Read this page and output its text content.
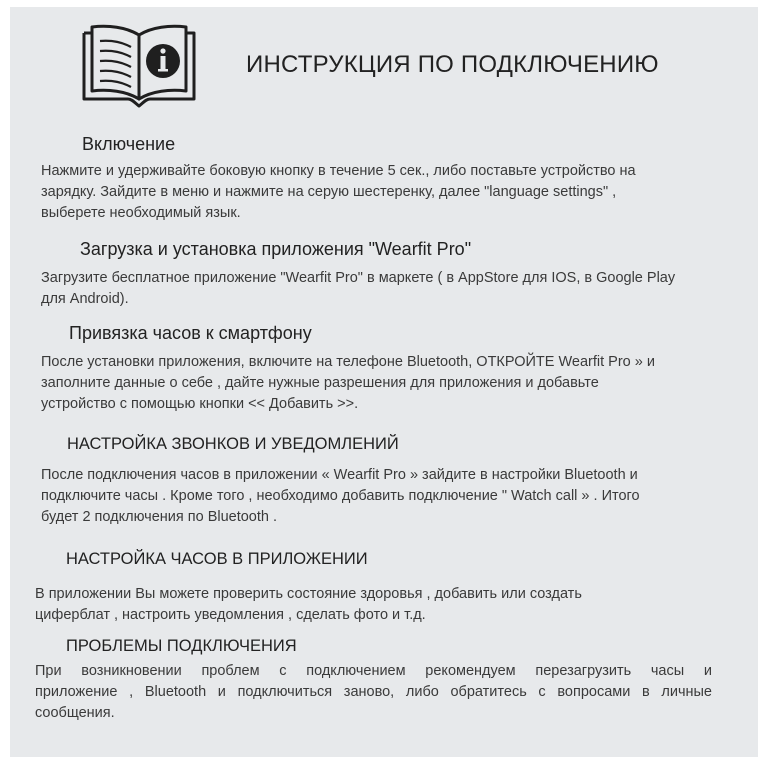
ИНСТРУКЦИЯ ПО ПОДКЛЮЧЕНИЮ
Включение
Нажмите и удерживайте боковую кнопку в течение 5 сек., либо поставьте устройство на
зарядку. Зайдите в меню и нажмите на серую шестеренку, далее "language settings" ,
выберете необходимый язык.
Загрузка и установка приложения "Wearfit Pro"
Загрузите бесплатное приложение "Wearfit Pro" в маркете ( в AppStore для IOS, в Google Play
для Android).
Привязка часов к смартфону
После установки приложения, включите на телефоне Bluetooth, ОТКРОЙТЕ Wearfit Pro » и
заполните данные о себе , дайте нужные разрешения для приложения и добавьте
устройство с помощью кнопки << Добавить >>.
НАСТРОЙКА ЗВОНКОВ И УВЕДОМЛЕНИЙ
После подключения часов в приложении « Wearfit Pro » зайдите в настройки Bluetooth и
подключите часы . Кроме того , необходимо добавить подключение " Watch call » . Итого
будет 2 подключения по Bluetooth .
НАСТРОЙКА ЧАСОВ В ПРИЛОЖЕНИИ
В приложении Вы можете проверить состояние здоровья , добавить или создать
циферблат , настроить уведомления , сделать фото и т.д.
ПРОБЛЕМЫ ПОДКЛЮЧЕНИЯ
При возникновении проблем с подключением рекомендуем перезагрузить часы и
приложение , Bluetooth и подключиться заново, либо обратитесь с вопросами в личные
сообщения.
